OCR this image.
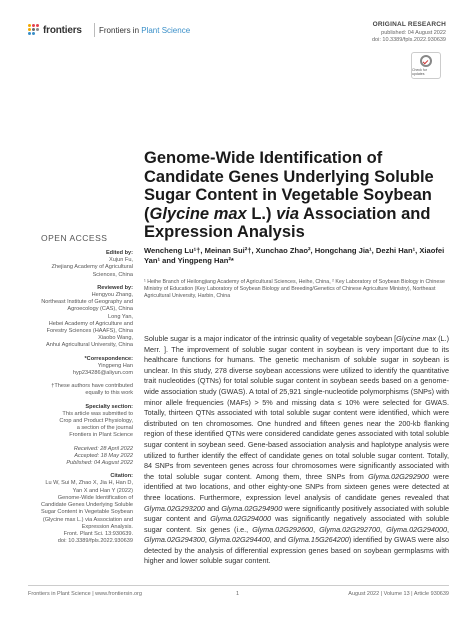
frontiers Frontiers in Plant Science
ORIGINAL RESEARCH
published: 04 August 2022
doi: 10.3389/fpls.2022.930639
Check for updates
Genome-Wide Identification of Candidate Genes Underlying Soluble Sugar Content in Vegetable Soybean (Glycine max L.) via Association and Expression Analysis
OPEN ACCESS
Edited by:
Xujun Fu,
Zhejiang Academy of Agricultural
Sciences, China
Reviewed by:
Hengyou Zhang,
Northeast Institute of Geography and
Agroecology (CAS), China
Long Yan,
Hebei Academy of Agriculture and
Forestry Sciences (HAAFS), China
Xiaobo Wang,
Anhui Agricultural University, China
*Correspondence:
Yingpeng Han
hyp234286@aliyun.com
†These authors have contributed
equally to this work
Specialty section:
This article was submitted to
Crop and Product Physiology,
a section of the journal
Frontiers in Plant Science
Received: 28 April 2022
Accepted: 18 May 2022
Published: 04 August 2022
Citation:
Lu W, Sui M, Zhao X, Jia H, Han D,
Yan X and Han Y (2022)
Genome-Wide Identification of
Candidate Genes Underlying Soluble
Sugar Content in Vegetable Soybean
(Glycine max L.) via Association and
Expression Analysis.
Front. Plant Sci. 13:930639.
doi: 10.3389/fpls.2022.930639
Wencheng Lu¹†, Meinan Sui²†, Xunchao Zhao², Hongchang Jia¹, Dezhi Han¹, Xiaofei Yan¹ and Yingpeng Han²*
¹ Heihe Branch of Heilongjiang Academy of Agricultural Sciences, Heihe, China, ² Key Laboratory of Soybean Biology in Chinese Ministry of Education (Key Laboratory of Soybean Biology and Breeding/Genetics of Chinese Agriculture Ministry), Northeast Agricultural University, Harbin, China
Soluble sugar is a major indicator of the intrinsic quality of vegetable soybean [Glycine max (L.) Merr. ]. The improvement of soluble sugar content in soybean is very important due to its healthcare functions for humans. The genetic mechanism of soluble sugar in soybean is unclear. In this study, 278 diverse soybean accessions were utilized to identify the quantitative trait nucleotides (QTNs) for total soluble sugar content in soybean seeds based on a genome-wide association study (GWAS). A total of 25,921 single-nucleotide polymorphisms (SNPs) with minor allele frequencies (MAFs) > 5% and missing data ≤ 10% were selected for GWAS. Totally, thirteen QTNs associated with total soluble sugar content were identified, which were distributed on ten chromosomes. One hundred and fifteen genes near the 200-kb flanking region of these identified QTNs were considered candidate genes associated with total soluble sugar content in soybean seed. Gene-based association analysis and haplotype analysis were utilized to further identify the effect of candidate genes on total soluble sugar content. Totally, 84 SNPs from seventeen genes across four chromosomes were significantly associated with the total soluble sugar content. Among them, three SNPs from Glyma.02G292900 were identified at two locations, and other eighty-one SNPs from sixteen genes were detected at three locations. Furthermore, expression level analysis of candidate genes revealed that Glyma.02G293200 and Glyma.02G294900 were significantly positively associated with soluble sugar content and Glyma.02G294000 was significantly negatively associated with soluble sugar content. Six genes (i.e., Glyma.02G292600, Glyma.02G292700, Glyma.02G294000, Glyma.02G294300, Glyma.02G294400, and Glyma.15G264200) identified by GWAS were also detected by the analysis of differential expression genes based on soybean germplasms with higher and lower soluble sugar content.
Frontiers in Plant Science | www.frontiersin.org	1	August 2022 | Volume 13 | Article 930639
